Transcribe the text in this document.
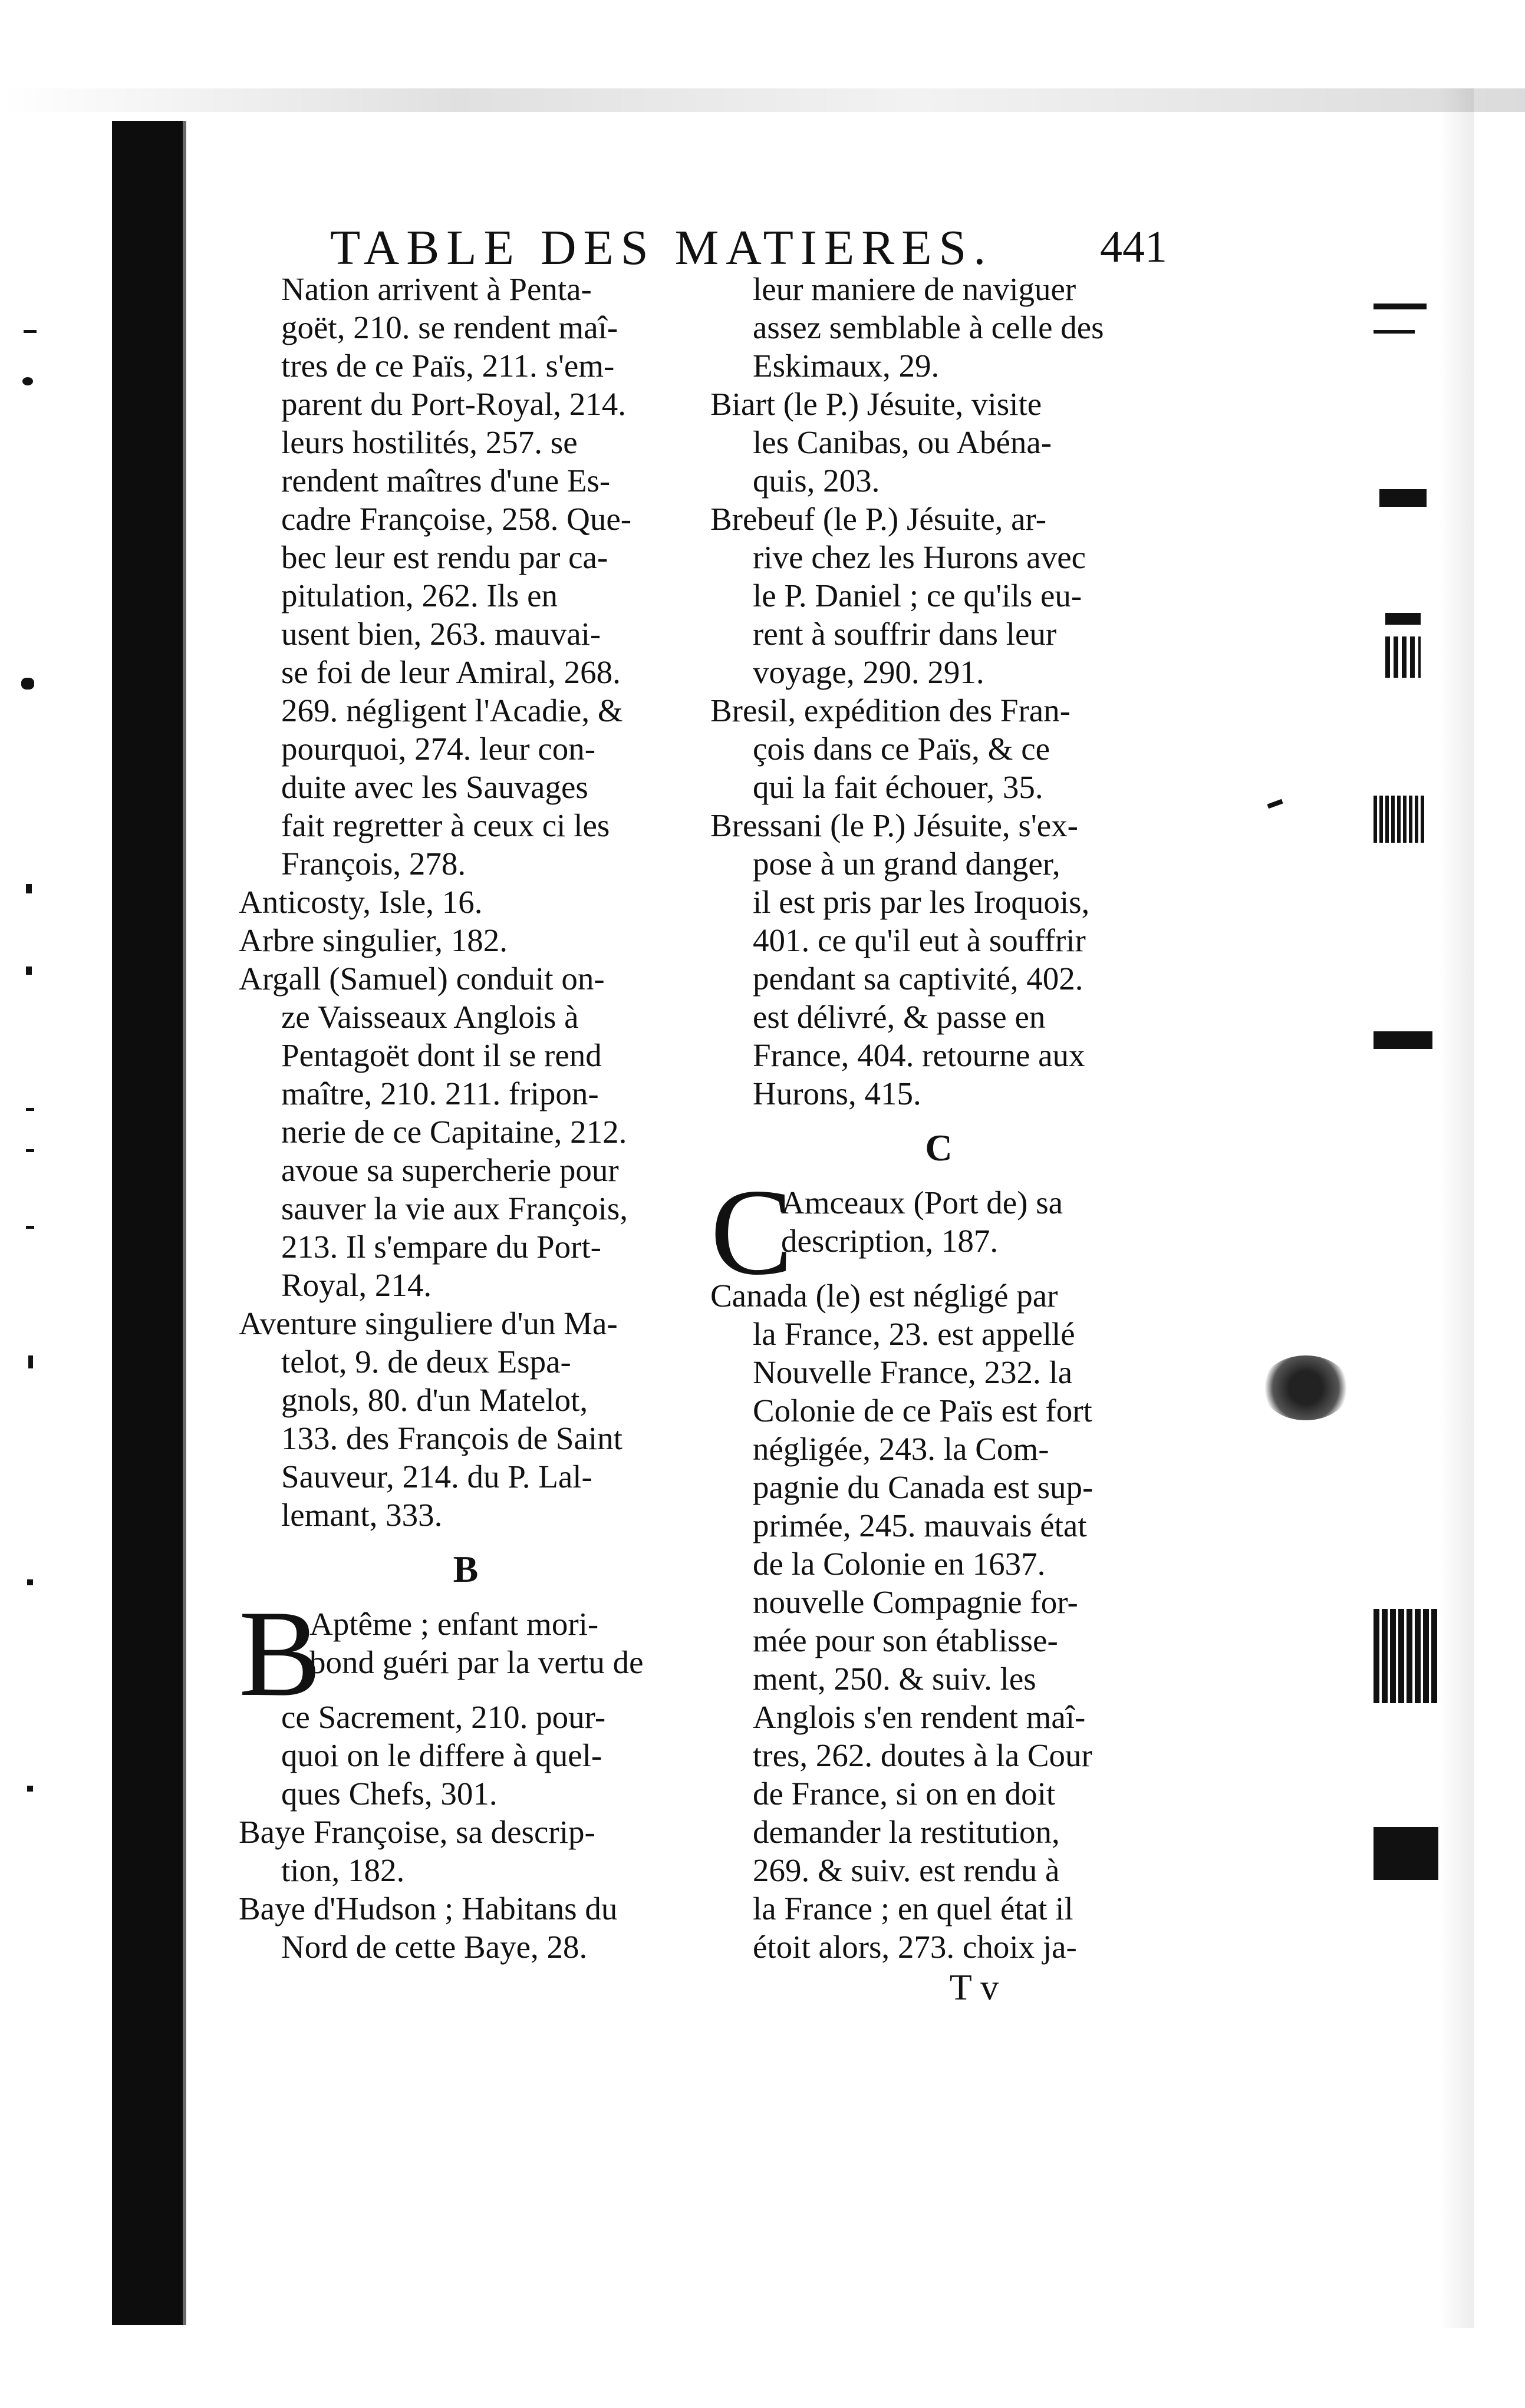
TABLE DES MATIERES. 441
Nation arrivent à Penta-
goët, 210. se rendent maî-
tres de ce Païs, 211. s'em-
parent du Port-Royal, 214.
leurs hostilités, 257. se
rendent maîtres d'une Es-
cadre Françoise, 258. Que-
bec leur est rendu par ca-
pitulation, 262. Ils en
usent bien, 263. mauvai-
se foi de leur Amiral, 268.
269. négligent l'Acadie, &
pourquoi, 274. leur con-
duite avec les Sauvages
fait regretter à ceux ci les
François, 278.
Anticosty, Isle, 16.
Arbre singulier, 182.
Argall (Samuel) conduit on-
ze Vaisseaux Anglois à
Pentagoët dont il se rend
maître, 210. 211. fripon-
nerie de ce Capitaine, 212.
avoue sa supercherie pour
sauver la vie aux François,
213. Il s'empare du Port-
Royal, 214.
Aventure singuliere d'un Ma-
telot, 9. de deux Espa-
gnols, 80. d'un Matelot,
133. des François de Saint
Sauveur, 214. du P. Lal-
lemant, 333.
B
B
Aptême ; enfant mori-
bond guéri par la vertu de
ce Sacrement, 210. pour-
quoi on le differe à quel-
ques Chefs, 301.
Baye Françoise, sa descrip-
tion, 182.
Baye d'Hudson ; Habitans du
Nord de cette Baye, 28.
leur maniere de naviguer
assez semblable à celle des
Eskimaux, 29.
Biart (le P.) Jésuite, visite
les Canibas, ou Abéna-
quis, 203.
Brebeuf (le P.) Jésuite, ar-
rive chez les Hurons avec
le P. Daniel ; ce qu'ils eu-
rent à souffrir dans leur
voyage, 290. 291.
Bresil, expédition des Fran-
çois dans ce Païs, & ce
qui la fait échouer, 35.
Bressani (le P.) Jésuite, s'ex-
pose à un grand danger,
il est pris par les Iroquois,
401. ce qu'il eut à souffrir
pendant sa captivité, 402.
est délivré, & passe en
France, 404. retourne aux
Hurons, 415.
C
C
Amceaux (Port de) sa
description, 187.
Canada (le) est négligé par
la France, 23. est appellé
Nouvelle France, 232. la
Colonie de ce Païs est fort
négligée, 243. la Com-
pagnie du Canada est sup-
primée, 245. mauvais état
de la Colonie en 1637.
nouvelle Compagnie for-
mée pour son établisse-
ment, 250. & suiv. les
Anglois s'en rendent maî-
tres, 262. doutes à la Cour
de France, si on en doit
demander la restitution,
269. & suiv. est rendu à
la France ; en quel état il
étoit alors, 273. choix ja-
T v
